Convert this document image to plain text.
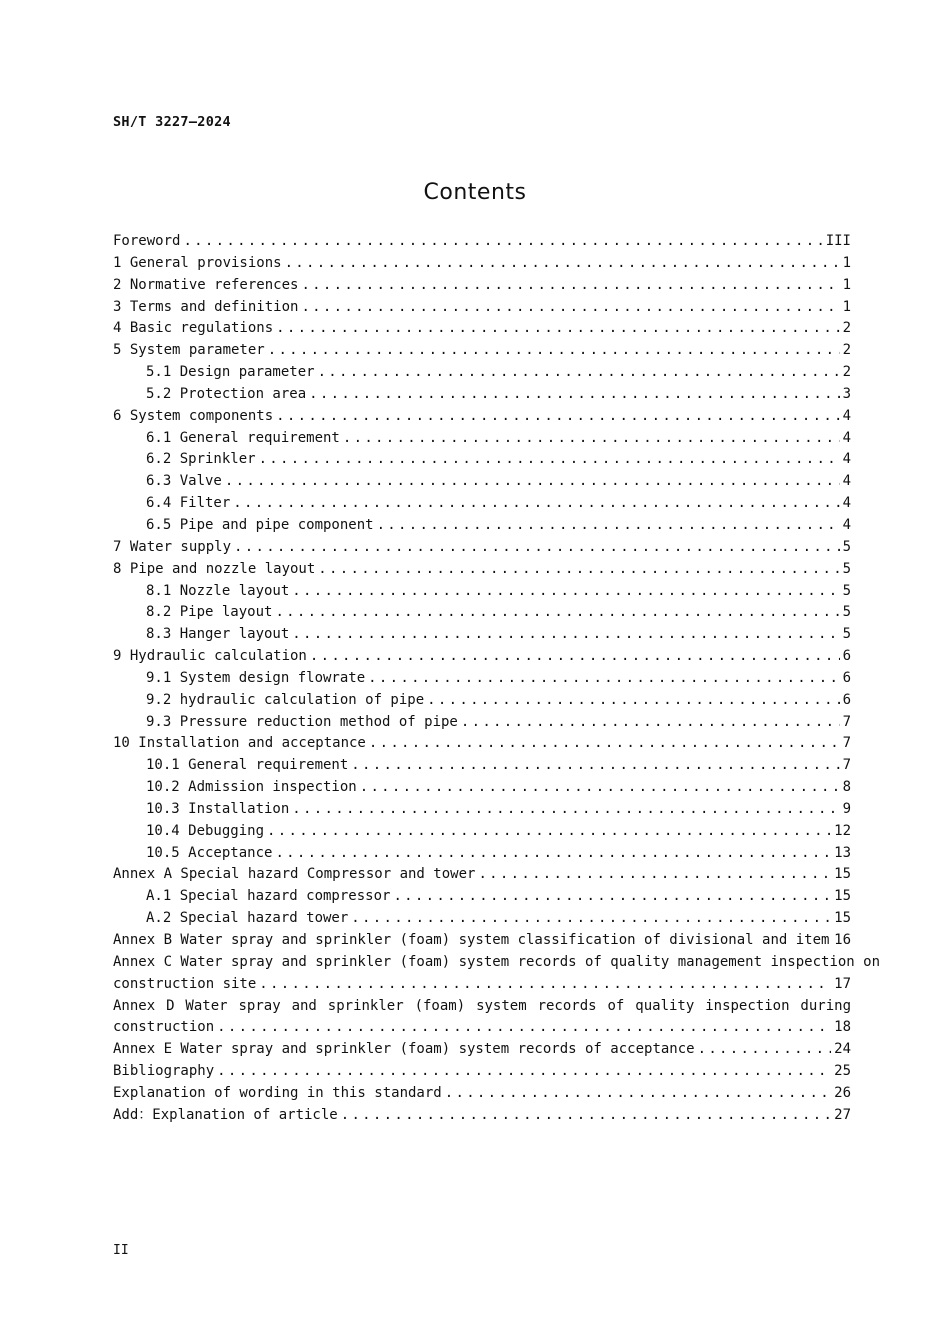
SH/T 3227—2024
Contents
Foreword .....	III
1 General provisions .....	1
2 Normative references .....	1
3 Terms and definition .....	1
4 Basic regulations .....	2
5 System parameter .....	2
5.1 Design parameter .....	2
5.2 Protection area .....	3
6 System components .....	4
6.1 General requirement .....	4
6.2 Sprinkler .....	4
6.3 Valve .....	4
6.4 Filter .....	4
6.5 Pipe and pipe component .....	4
7 Water supply .....	5
8 Pipe and nozzle layout .....	5
8.1 Nozzle layout .....	5
8.2 Pipe layout .....	5
8.3 Hanger layout .....	5
9 Hydraulic calculation .....	6
9.1 System design flowrate .....	6
9.2 hydraulic calculation of pipe .....	6
9.3 Pressure reduction method of pipe .....	7
10 Installation and acceptance .....	7
10.1 General requirement .....	7
10.2 Admission inspection .....	8
10.3 Installation .....	9
10.4 Debugging .....	12
10.5 Acceptance .....	13
Annex A Special hazard Compressor and tower .....	15
A.1 Special hazard compressor .....	15
A.2 Special hazard tower .....	15
Annex B Water spray and sprinkler (foam) system classification of divisional and item 16
Annex C Water spray and sprinkler (foam) system records of quality management inspection on
construction site .....	17
Annex D Water spray and sprinkler (foam) system records of quality inspection during
construction .....	18
Annex E Water spray and sprinkler (foam) system records of acceptance .....	24
Bibliography .....	25
Explanation of wording in this standard .....	26
Add：Explanation of article .....	27
II
